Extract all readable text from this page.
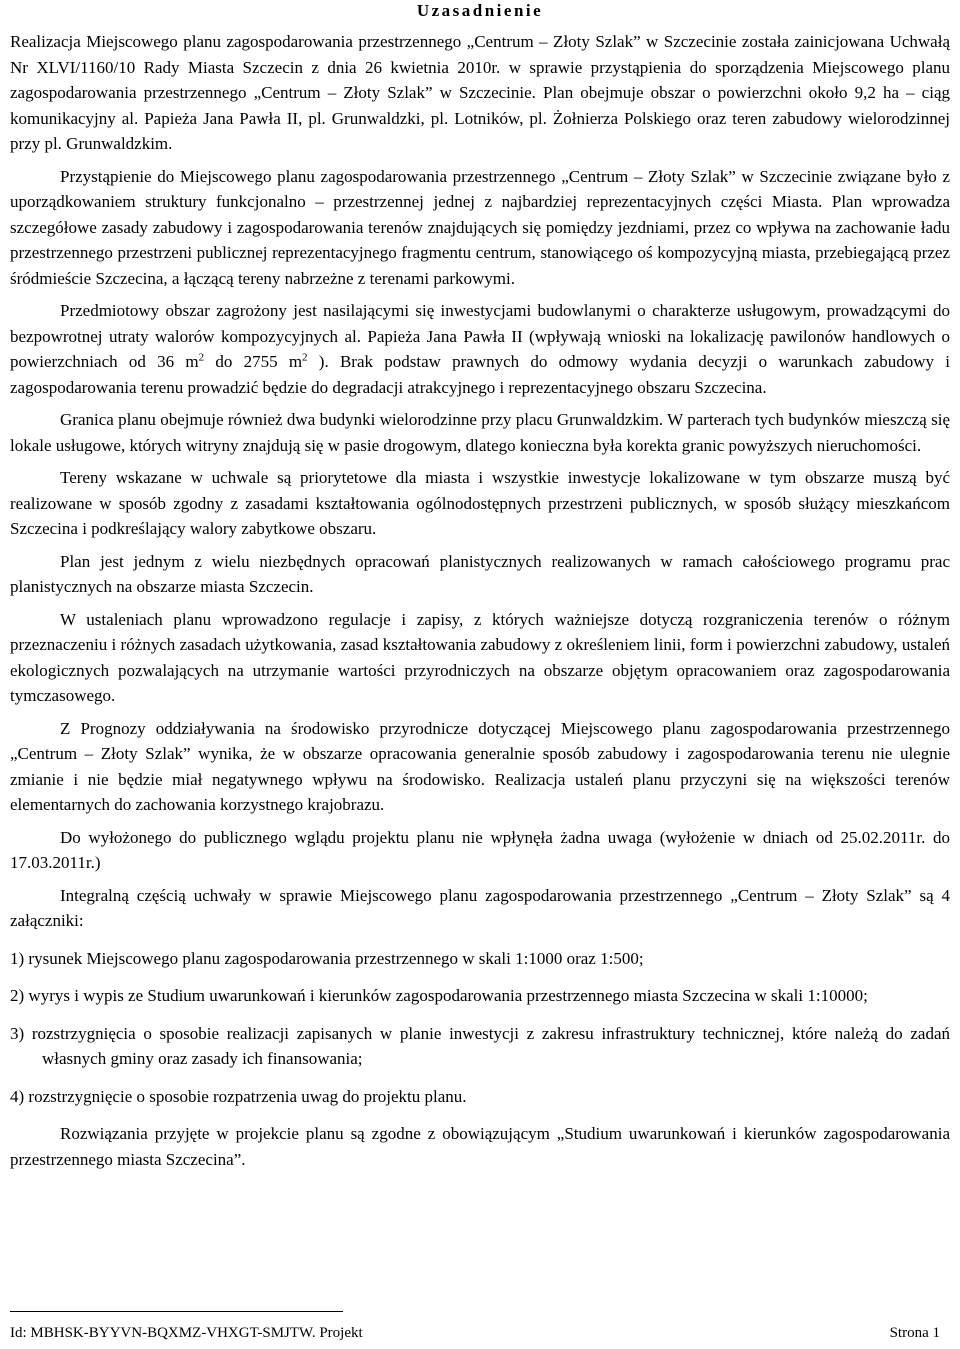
Uzasadnienie

Realizacja Miejscowego planu zagospodarowania przestrzennego „Centrum – Złoty Szlak” w Szczecinie została zainicjowana Uchwałą Nr XLVI/1160/10 Rady Miasta Szczecin z dnia 26 kwietnia 2010r. w sprawie przystąpienia do sporządzenia Miejscowego planu zagospodarowania przestrzennego „Centrum – Złoty Szlak” w Szczecinie. Plan obejmuje obszar o powierzchni około 9,2 ha – ciąg komunikacyjny al. Papieża Jana Pawła II, pl. Grunwaldzki, pl. Lotników, pl. Żołnierza Polskiego oraz teren zabudowy wielorodzinnej przy pl. Grunwaldzkim.

Przystąpienie do Miejscowego planu zagospodarowania przestrzennego „Centrum – Złoty Szlak” w Szczecinie związane było z uporządkowaniem struktury funkcjonalno – przestrzennej jednej z najbardziej reprezentacyjnych części Miasta. Plan wprowadza szczegółowe zasady zabudowy i zagospodarowania terenów znajdujących się pomiędzy jezdniami, przez co wpływa na zachowanie ładu przestrzennego przestrzeni publicznej reprezentacyjnego fragmentu centrum, stanowiącego oś kompozycyjną miasta, przebiegającą przez śródmieście Szczecina, a łączącą tereny nabrzeżne z terenami parkowymi.

Przedmiotowy obszar zagrożony jest nasilającymi się inwestycjami budowlanymi o charakterze usługowym, prowadzącymi do bezpowrotnej utraty walorów kompozycyjnych al. Papieża Jana Pawła II (wpływają wnioski na lokalizację pawilonów handlowych o powierzchniach od 36 $m^2$ do 2755 $m^2$ ). Brak podstaw prawnych do odmowy wydania decyzji o warunkach zabudowy i zagospodarowania terenu prowadzić będzie do degradacji atrakcyjnego i reprezentacyjnego obszaru Szczecina.

Granica planu obejmuje również dwa budynki wielorodzinne przy placu Grunwaldzkim. W parterach tych budynków mieszczą się lokale usługowe, których witryny znajdują się w pasie drogowym, dlatego konieczna była korekta granic powyższych nieruchomości.

Tereny wskazane w uchwale są priorytetowe dla miasta i wszystkie inwestycje lokalizowane w tym obszarze muszą być realizowane w sposób zgodny z zasadami kształtowania ogólnodostępnych przestrzeni publicznych, w sposób służący mieszkańcom Szczecina i podkreślający walory zabytkowe obszaru.

Plan jest jednym z wielu niezbędnych opracowań planistycznych realizowanych w ramach całościowego programu prac planistycznych na obszarze miasta Szczecin.

W ustaleniach planu wprowadzono regulacje i zapisy, z których ważniejsze dotyczą rozgraniczenia terenów o różnym przeznaczeniu i różnych zasadach użytkowania, zasad kształtowania zabudowy z określeniem linii, form i powierzchni zabudowy, ustaleń ekologicznych pozwalających na utrzymanie wartości przyrodniczych na obszarze objętym opracowaniem oraz zagospodarowania tymczasowego.

Z Prognozy oddziaływania na środowisko przyrodnicze dotyczącej Miejscowego planu zagospodarowania przestrzennego „Centrum – Złoty Szlak” wynika, że w obszarze opracowania generalnie sposób zabudowy i zagospodarowania terenu nie ulegnie zmianie i nie będzie miał negatywnego wpływu na środowisko. Realizacja ustaleń planu przyczyni się na większości terenów elementarnych do zachowania korzystnego krajobrazu.

Do wyłożonego do publicznego wglądu projektu planu nie wpłynęła żadna uwaga (wyłożenie w dniach od 25.02.2011r. do 17.03.2011r.)

Integralną częścią uchwały w sprawie Miejscowego planu zagospodarowania przestrzennego „Centrum – Złoty Szlak” są 4 załączniki:

1) rysunek Miejscowego planu zagospodarowania przestrzennego w skali 1:1000 oraz 1:500;
2) wyrys i wypis ze Studium uwarunkowań i kierunków zagospodarowania przestrzennego miasta Szczecina w skali 1:10000;
3) rozstrzygnięcia o sposobie realizacji zapisanych w planie inwestycji z zakresu infrastruktury technicznej, które należą do zadań własnych gminy oraz zasady ich finansowania;
4) rozstrzygnięcie o sposobie rozpatrzenia uwag do projektu planu.

Rozwiązania przyjęte w projekcie planu są zgodne z obowiązującym „Studium uwarunkowań i kierunków zagospodarowania przestrzennego miasta Szczecina”.

Id: MBHSK-BYYVN-BQXMZ-VHXGT-SMJTW. Projekt	Strona 1
